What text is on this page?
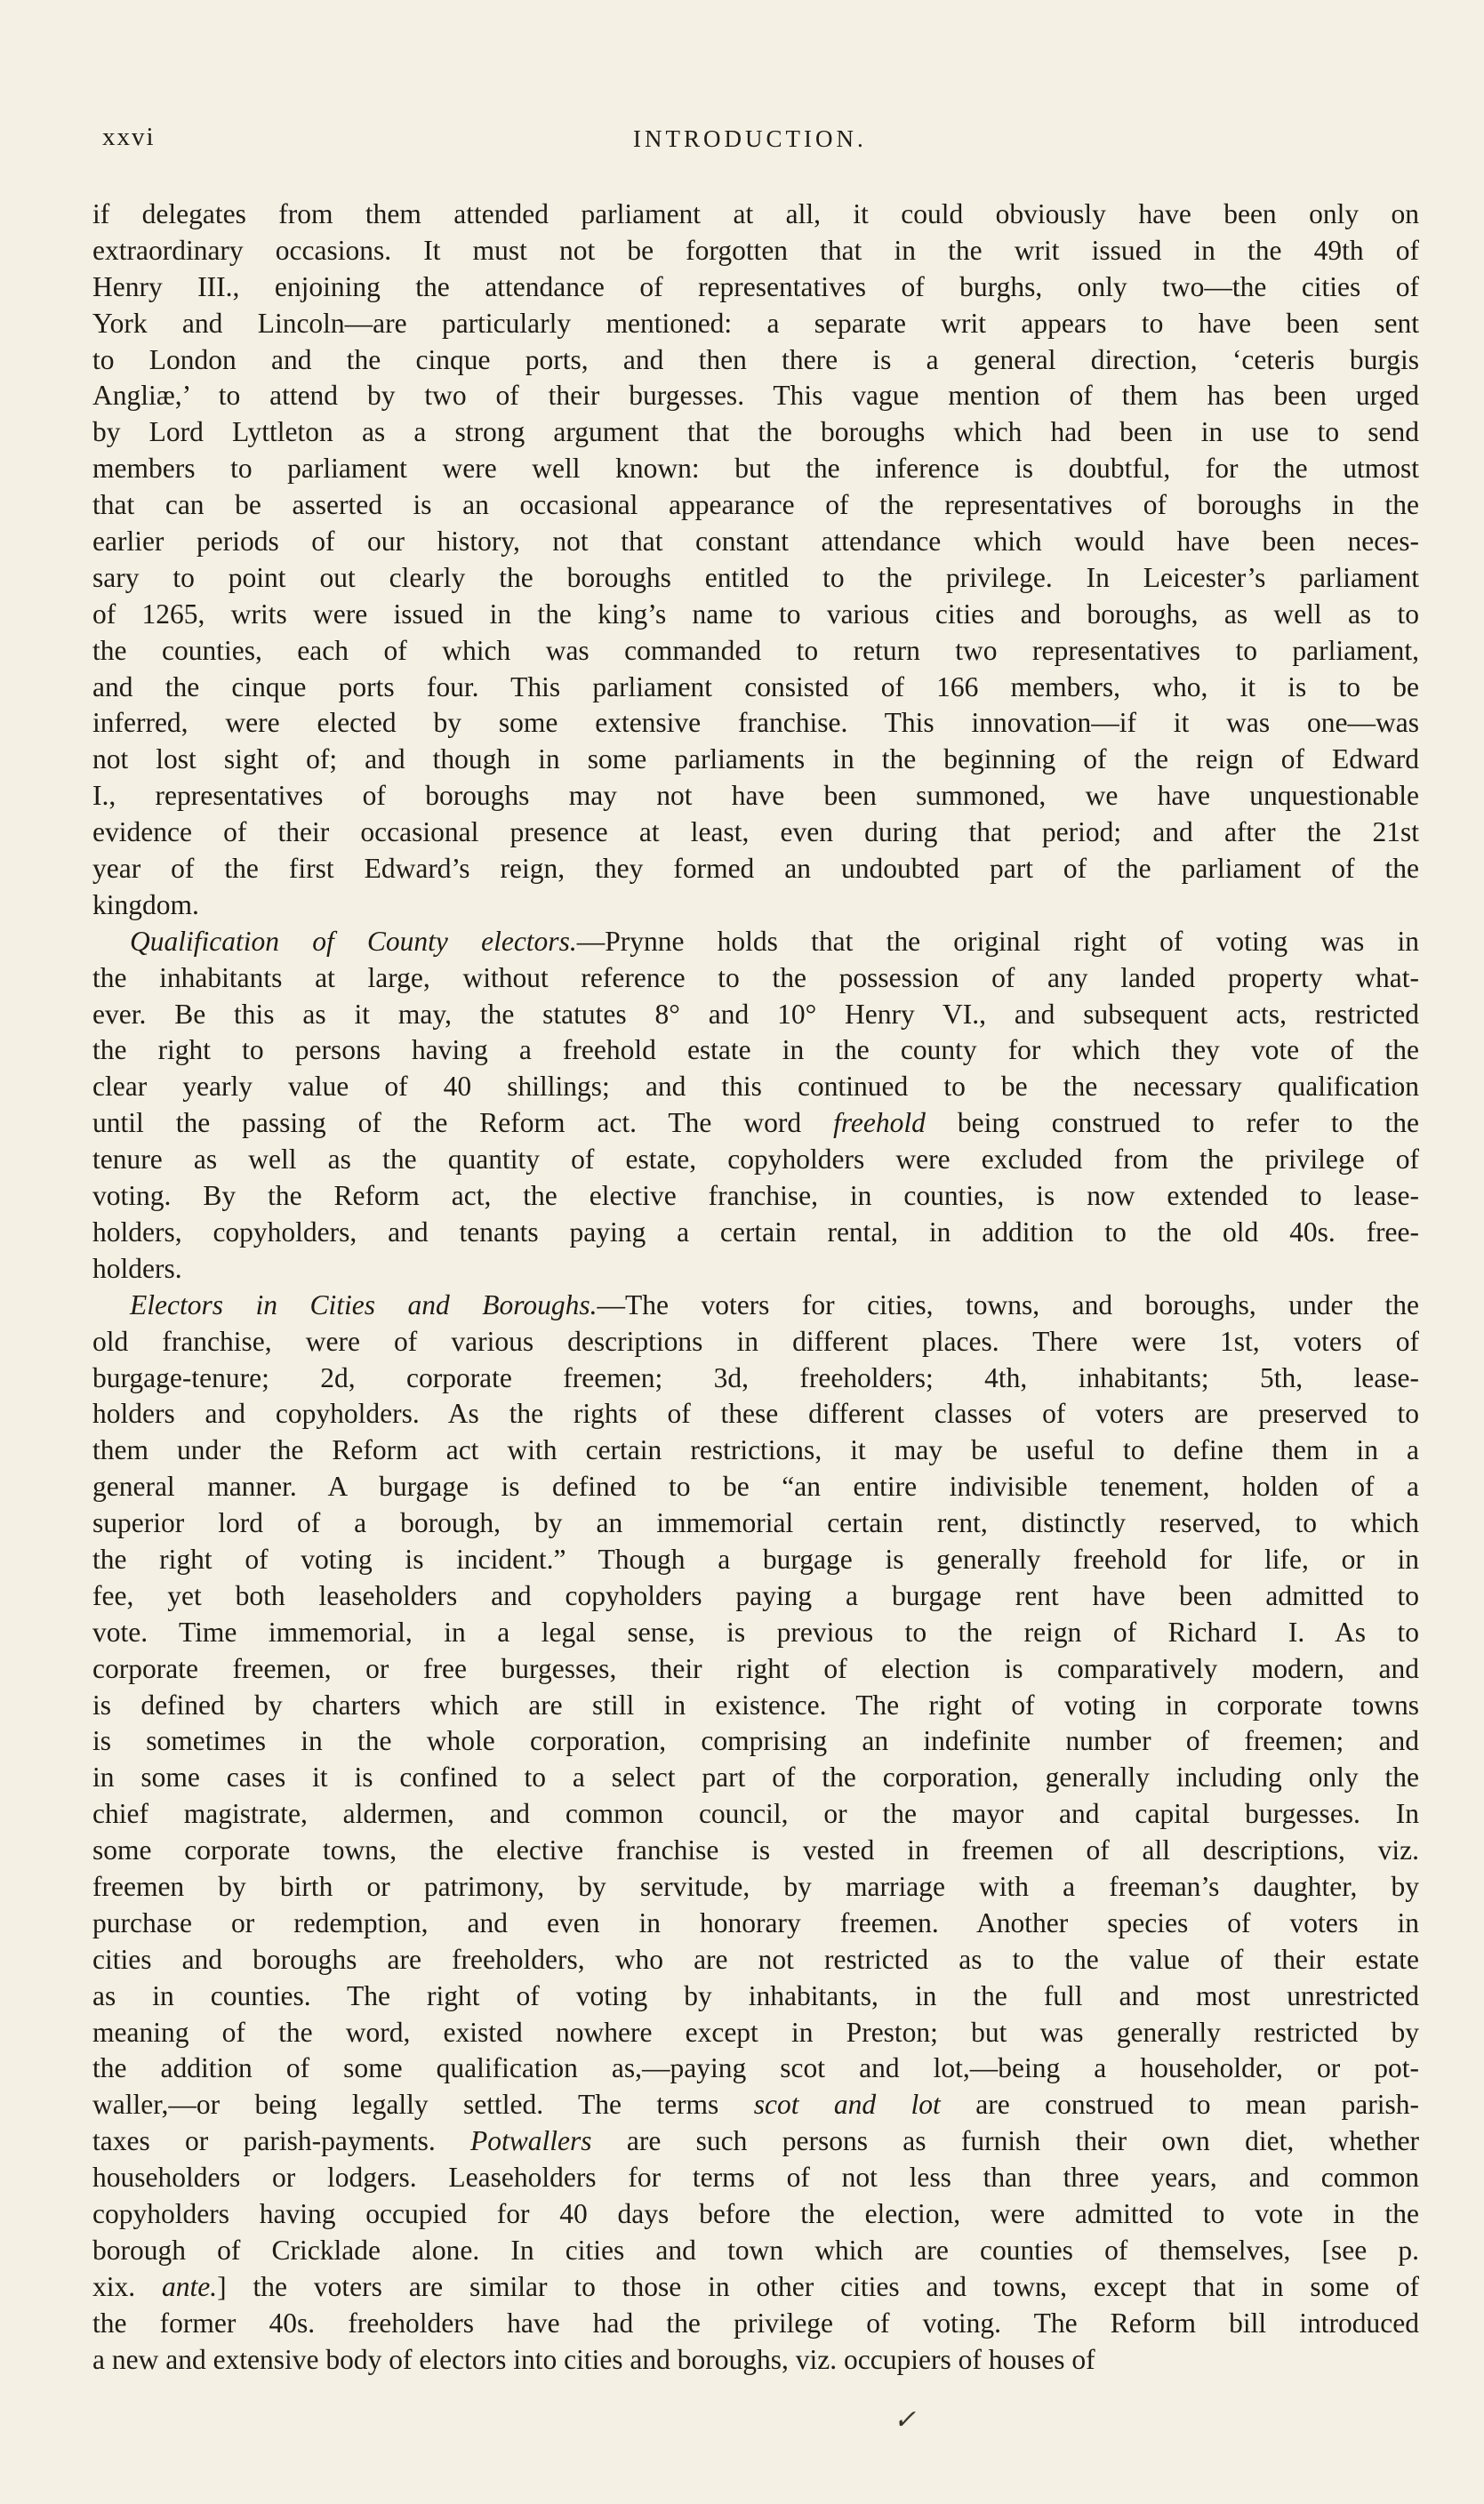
xxvi	INTRODUCTION.
if delegates from them attended parliament at all, it could obviously have been only on
extraordinary occasions. It must not be forgotten that in the writ issued in the 49th of
Henry III., enjoining the attendance of representatives of burghs, only two—the cities of
York and Lincoln—are particularly mentioned: a separate writ appears to have been sent
to London and the cinque ports, and then there is a general direction, ‘ceteris burgis
Angliæ,’ to attend by two of their burgesses. This vague mention of them has been urged
by Lord Lyttleton as a strong argument that the boroughs which had been in use to send
members to parliament were well known: but the inference is doubtful, for the utmost
that can be asserted is an occasional appearance of the representatives of boroughs in the
earlier periods of our history, not that constant attendance which would have been neces-
sary to point out clearly the boroughs entitled to the privilege. In Leicester’s parliament
of 1265, writs were issued in the king’s name to various cities and boroughs, as well as to
the counties, each of which was commanded to return two representatives to parliament,
and the cinque ports four. This parliament consisted of 166 members, who, it is to be
inferred, were elected by some extensive franchise. This innovation—if it was one—was
not lost sight of; and though in some parliaments in the beginning of the reign of Edward
I., representatives of boroughs may not have been summoned, we have unquestionable
evidence of their occasional presence at least, even during that period; and after the 21st
year of the first Edward’s reign, they formed an undoubted part of the parliament of the
kingdom.
Qualification of County electors.—Prynne holds that the original right of voting was in
the inhabitants at large, without reference to the possession of any landed property what-
ever. Be this as it may, the statutes 8° and 10° Henry VI., and subsequent acts, restricted
the right to persons having a freehold estate in the county for which they vote of the
clear yearly value of 40 shillings; and this continued to be the necessary qualification
until the passing of the Reform act. The word freehold being construed to refer to the
tenure as well as the quantity of estate, copyholders were excluded from the privilege of
voting. By the Reform act, the elective franchise, in counties, is now extended to lease-
holders, copyholders, and tenants paying a certain rental, in addition to the old 40s. free-
holders.
Electors in Cities and Boroughs.—The voters for cities, towns, and boroughs, under the
old franchise, were of various descriptions in different places. There were 1st, voters of
burgage-tenure; 2d, corporate freemen; 3d, freeholders; 4th, inhabitants; 5th, lease-
holders and copyholders. As the rights of these different classes of voters are preserved to
them under the Reform act with certain restrictions, it may be useful to define them in a
general manner. A burgage is defined to be “an entire indivisible tenement, holden of a
superior lord of a borough, by an immemorial certain rent, distinctly reserved, to which
the right of voting is incident.” Though a burgage is generally freehold for life, or in
fee, yet both leaseholders and copyholders paying a burgage rent have been admitted to
vote. Time immemorial, in a legal sense, is previous to the reign of Richard I. As to
corporate freemen, or free burgesses, their right of election is comparatively modern, and
is defined by charters which are still in existence. The right of voting in corporate towns
is sometimes in the whole corporation, comprising an indefinite number of freemen; and
in some cases it is confined to a select part of the corporation, generally including only the
chief magistrate, aldermen, and common council, or the mayor and capital burgesses. In
some corporate towns, the elective franchise is vested in freemen of all descriptions, viz.
freemen by birth or patrimony, by servitude, by marriage with a freeman’s daughter, by
purchase or redemption, and even in honorary freemen. Another species of voters in
cities and boroughs are freeholders, who are not restricted as to the value of their estate
as in counties. The right of voting by inhabitants, in the full and most unrestricted
meaning of the word, existed nowhere except in Preston; but was generally restricted by
the addition of some qualification as,—paying scot and lot,—being a householder, or pot-
waller,—or being legally settled. The terms scot and lot are construed to mean parish-
taxes or parish-payments. Potwallers are such persons as furnish their own diet, whether
householders or lodgers. Leaseholders for terms of not less than three years, and common
copyholders having occupied for 40 days before the election, were admitted to vote in the
borough of Cricklade alone. In cities and town which are counties of themselves, [see p.
xix. ante.] the voters are similar to those in other cities and towns, except that in some of
the former 40s. freeholders have had the privilege of voting. The Reform bill introduced
a new and extensive body of electors into cities and boroughs, viz. occupiers of houses of
✓
